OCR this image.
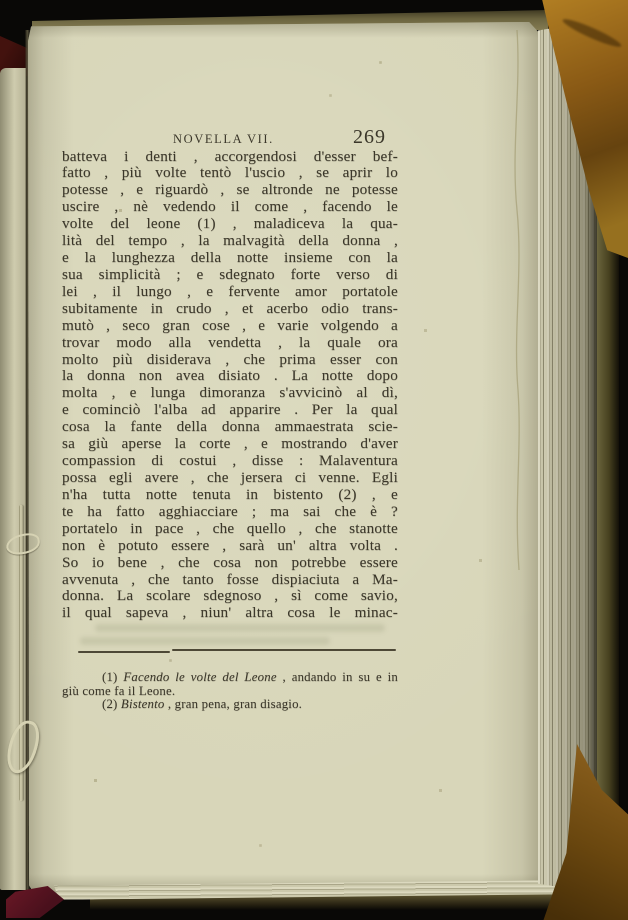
NOVELLA VII.	269
batteva i denti , accorgendosi d'esser bef-
fatto , più volte tentò l'uscio , se aprir lo
potesse , e riguardò , se altronde ne potesse
uscire , nè vedendo il come , facendo le
volte del leone (1) , maladiceva la qua-
lità del tempo , la malvagità della donna ,
e la lunghezza della notte insieme con la
sua simplicità ; e sdegnato forte verso di
lei , il lungo , e fervente amor portatole
subitamente in crudo , et acerbo odio trans-
mutò , seco gran cose , e varie volgendo a
trovar modo alla vendetta , la quale ora
molto più disiderava , che prima esser con
la donna non avea disiato . La notte dopo
molta , e lunga dimoranza s'avvicinò al dì,
e cominciò l'alba ad apparire . Per la qual
cosa la fante della donna ammaestrata scie-
sa giù aperse la corte , e mostrando d'aver
compassion di costui , disse : Malaventura
possa egli avere , che jersera ci venne. Egli
n'ha tutta notte tenuta in bistento (2) , e
te ha fatto agghiacciare ; ma sai che è ?
portatelo in pace , che quello , che stanotte
non è potuto essere , sarà un' altra volta .
So io bene , che cosa non potrebbe essere
avvenuta , che tanto fosse dispiaciuta a Ma-
donna. La scolare sdegnoso , sì come savio,
il qual sapeva , niun' altra cosa le minac-
(1) Facendo le volte del Leone , andando in su e in
giù come fa il Leone.
(2) Bistento , gran pena, gran disagio.
